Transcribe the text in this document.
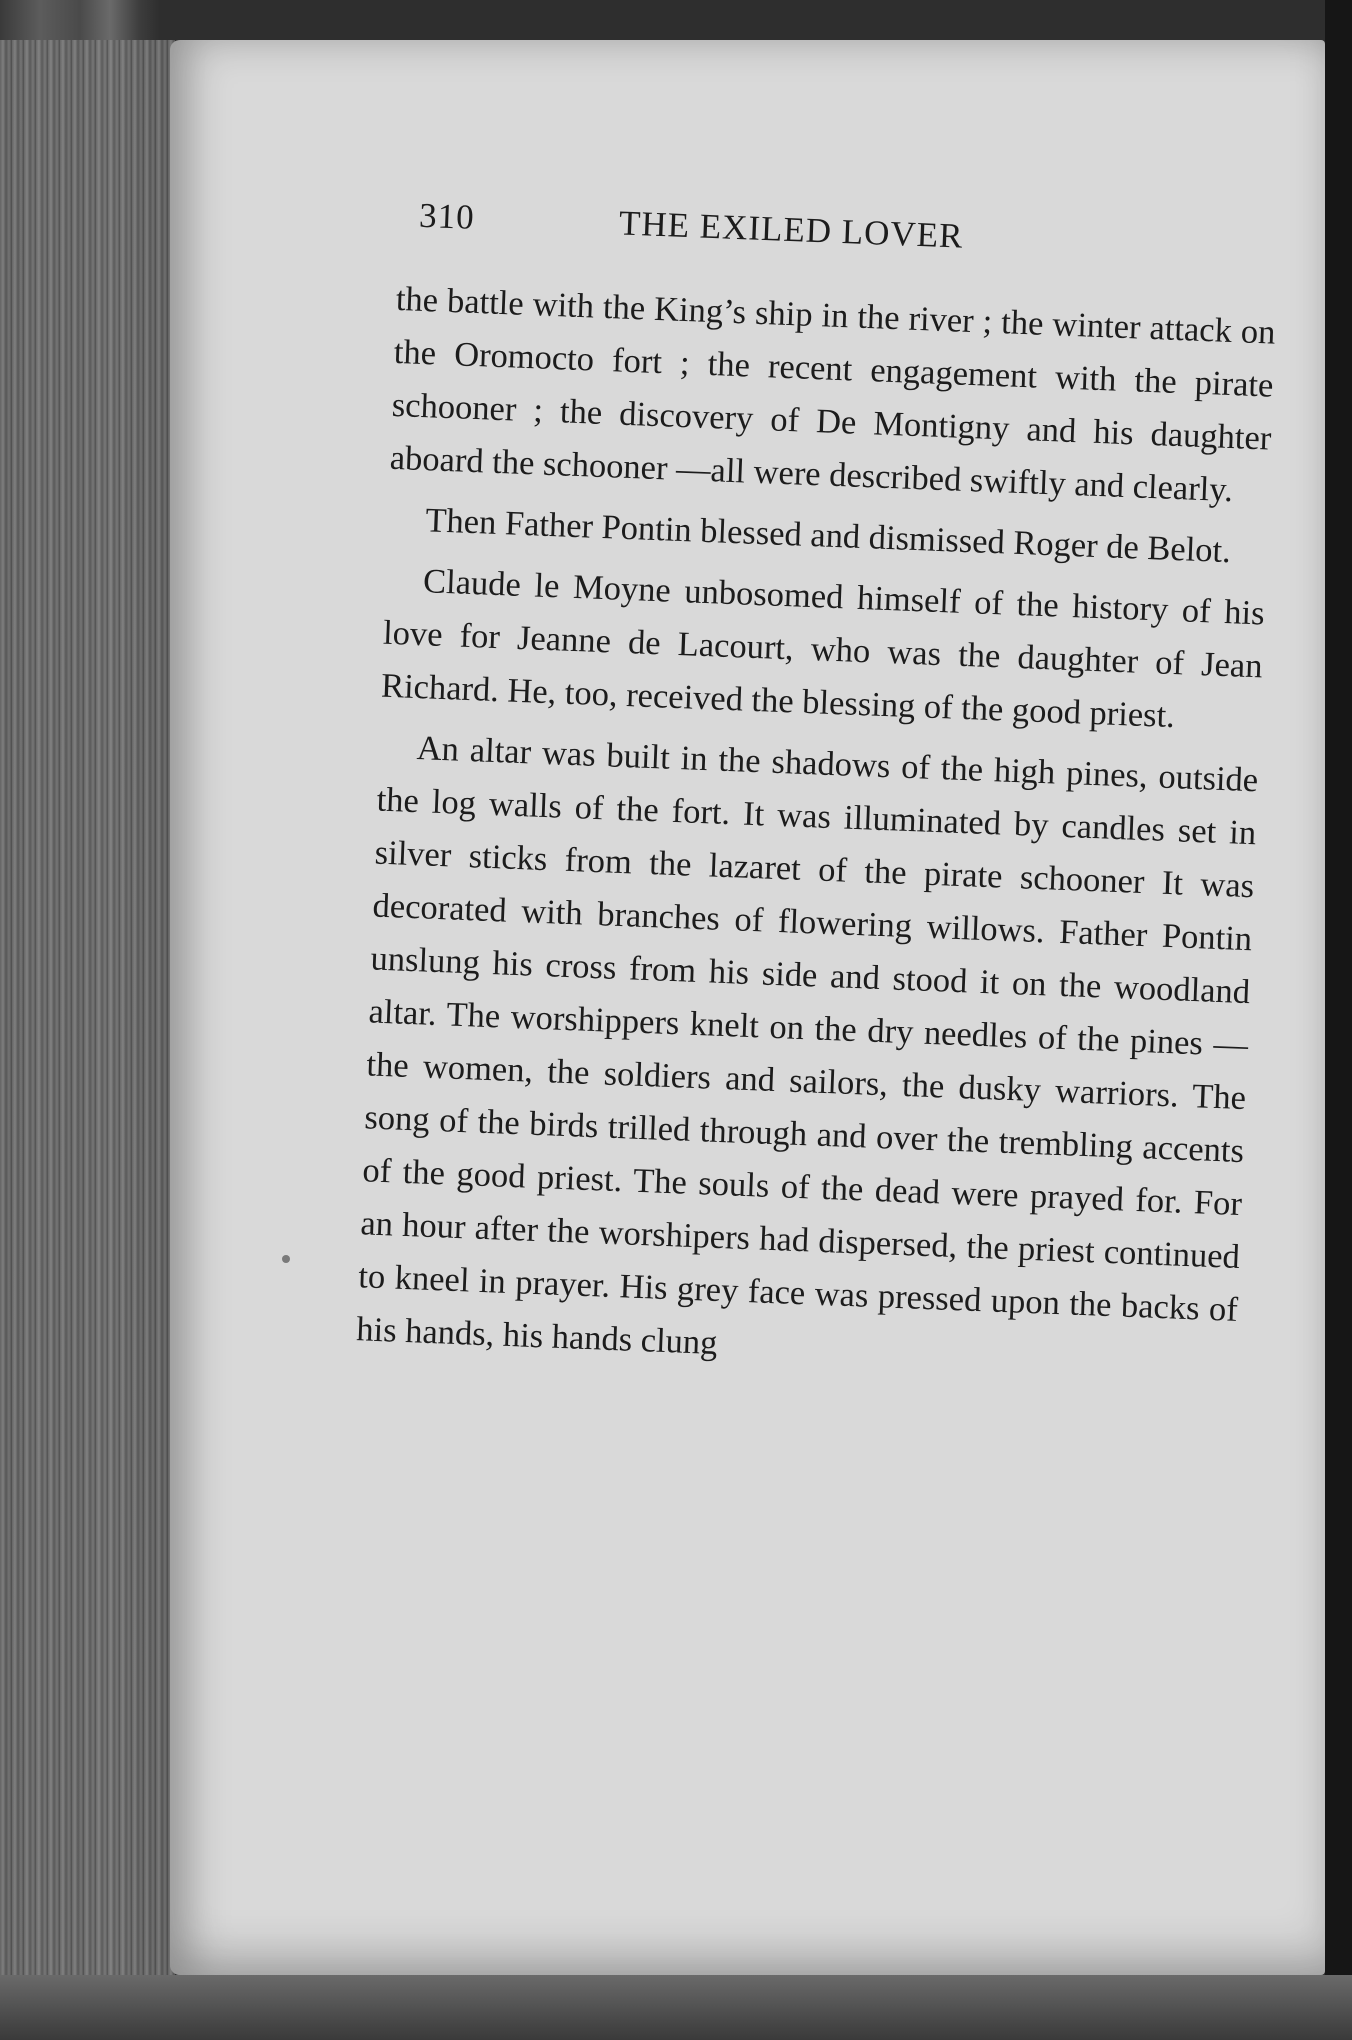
310	THE EXILED LOVER

the battle with the King’s ship in the river ; the winter attack on the Oromocto fort ; the recent engagement with the pirate schooner ; the discovery of De Montigny and his daughter aboard the schooner —all were described swiftly and clearly.

Then Father Pontin blessed and dismissed Roger de Belot.

Claude le Moyne unbosomed himself of the history of his love for Jeanne de Lacourt, who was the daughter of Jean Richard. He, too, received the blessing of the good priest.

An altar was built in the shadows of the high pines, outside the log walls of the fort. It was illuminated by candles set in silver sticks from the lazaret of the pirate schooner It was decorated with branches of flowering willows. Father Pontin unslung his cross from his side and stood it on the woodland altar. The worshippers knelt on the dry needles of the pines —the women, the soldiers and sailors, the dusky warriors. The song of the birds trilled through and over the trembling accents of the good priest. The souls of the dead were prayed for. For an hour after the worshipers had dispersed, the priest continued to kneel in prayer. His grey face was pressed upon the backs of his hands, his hands clung
